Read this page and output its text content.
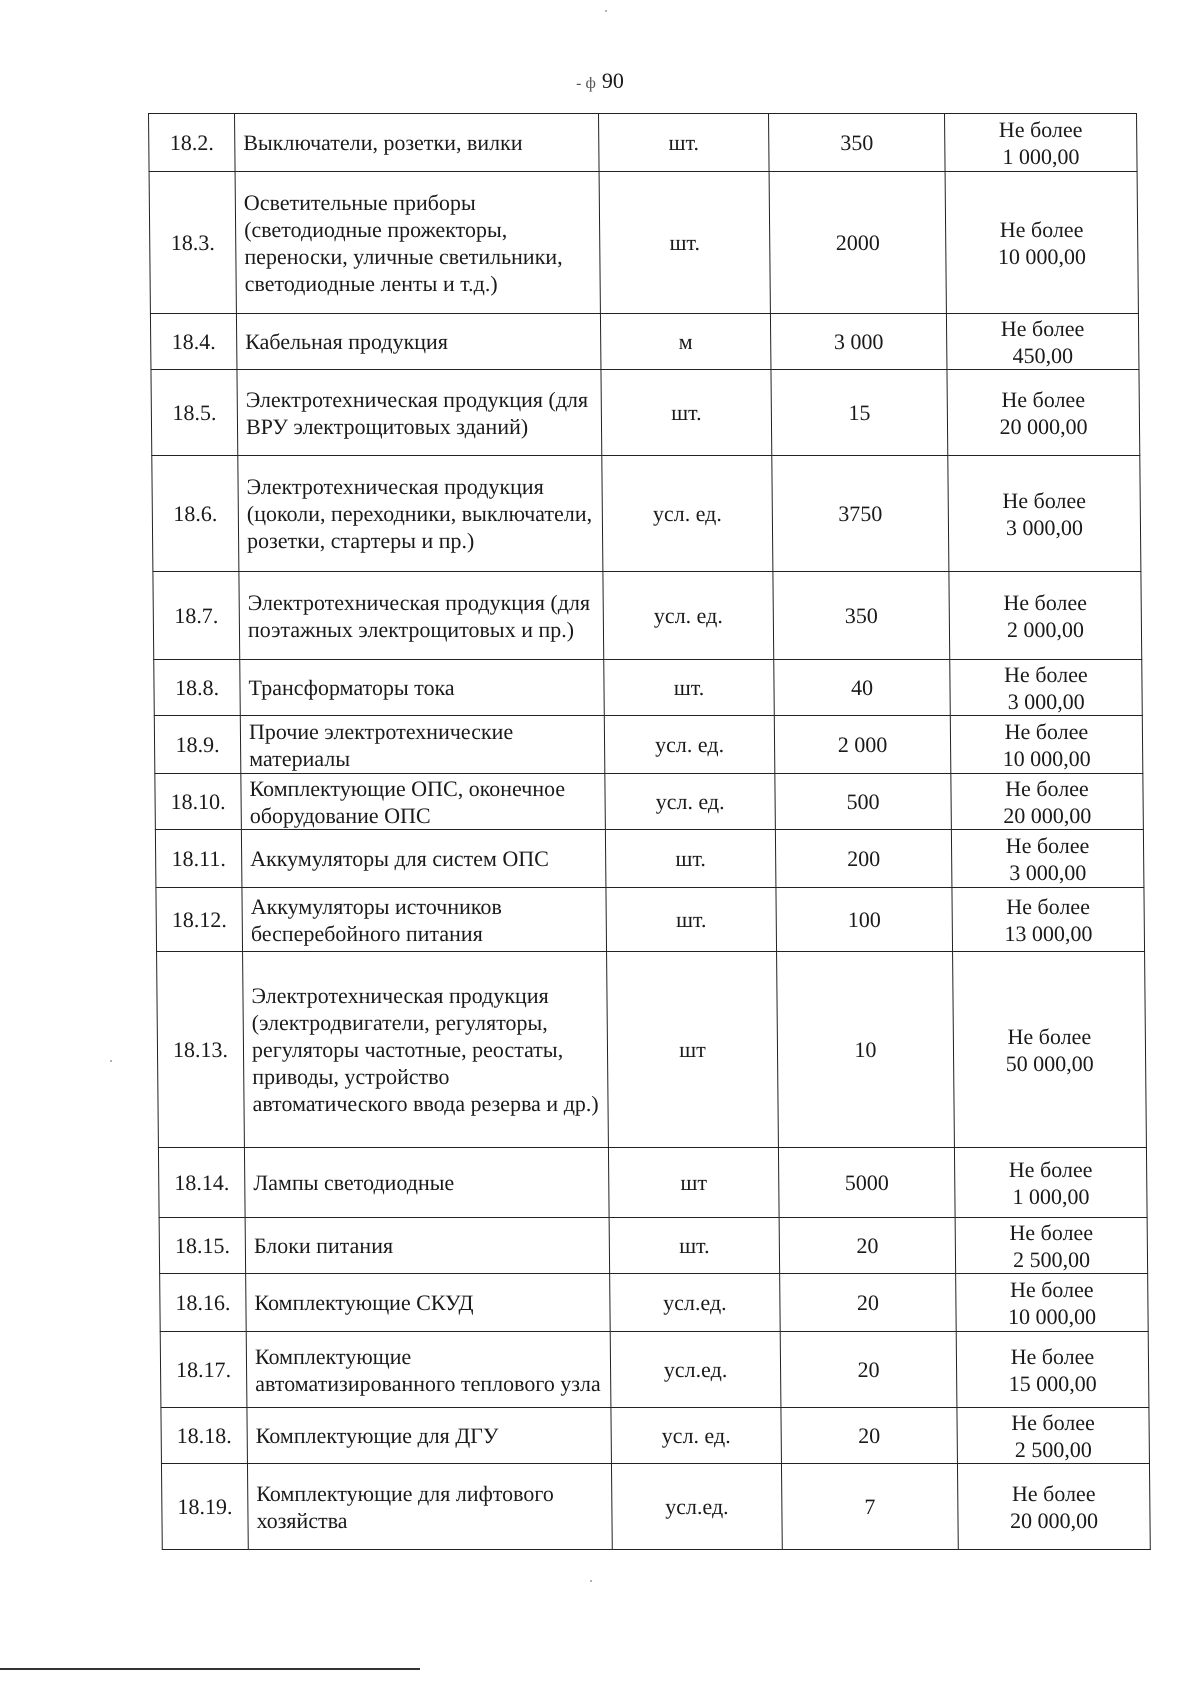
- ф 90
18.2.	Выключатели, розетки, вилки	шт.	350	Не более
1 000,00

18.3.	Осветительные приборы (светодиодные прожекторы, переноски, уличные светильники, светодиодные ленты и т.д.)	шт.	2000	Не более
10 000,00

18.4.	Кабельная продукция	м	3 000	Не более
450,00

18.5.	Электротехническая продукция (для ВРУ электрощитовых зданий)	шт.	15	Не более
20 000,00

18.6.	Электротехническая продукция (цоколи, переходники, выключатели, розетки, стартеры и пр.)	усл. ед.	3750	Не более
3 000,00

18.7.	Электротехническая продукция (для поэтажных электрощитовых и пр.)	усл. ед.	350	Не более
2 000,00

18.8.	Трансформаторы тока	шт.	40	Не более
3 000,00

18.9.	Прочие электротехнические материалы	усл. ед.	2 000	Не более
10 000,00

18.10.	Комплектующие ОПС, оконечное оборудование ОПС	усл. ед.	500	Не более
20 000,00

18.11.	Аккумуляторы для систем ОПС	шт.	200	Не более
3 000,00

18.12.	Аккумуляторы источников бесперебойного питания	шт.	100	Не более
13 000,00

18.13.	Электротехническая продукция (электродвигатели, регуляторы, регуляторы частотные, реостаты, приводы, устройство автоматического ввода резерва и др.)	шт	10	Не более
50 000,00

18.14.	Лампы светодиодные	шт	5000	Не более
1 000,00

18.15.	Блоки питания	шт.	20	Не более
2 500,00

18.16.	Комплектующие СКУД	усл.ед.	20	Не более
10 000,00

18.17.	Комплектующие автоматизированного теплового узла	усл.ед.	20	Не более
15 000,00

18.18.	Комплектующие для ДГУ	усл. ед.	20	Не более
2 500,00

18.19.	Комплектующие для лифтового хозяйства	усл.ед.	7	Не более
20 000,00
